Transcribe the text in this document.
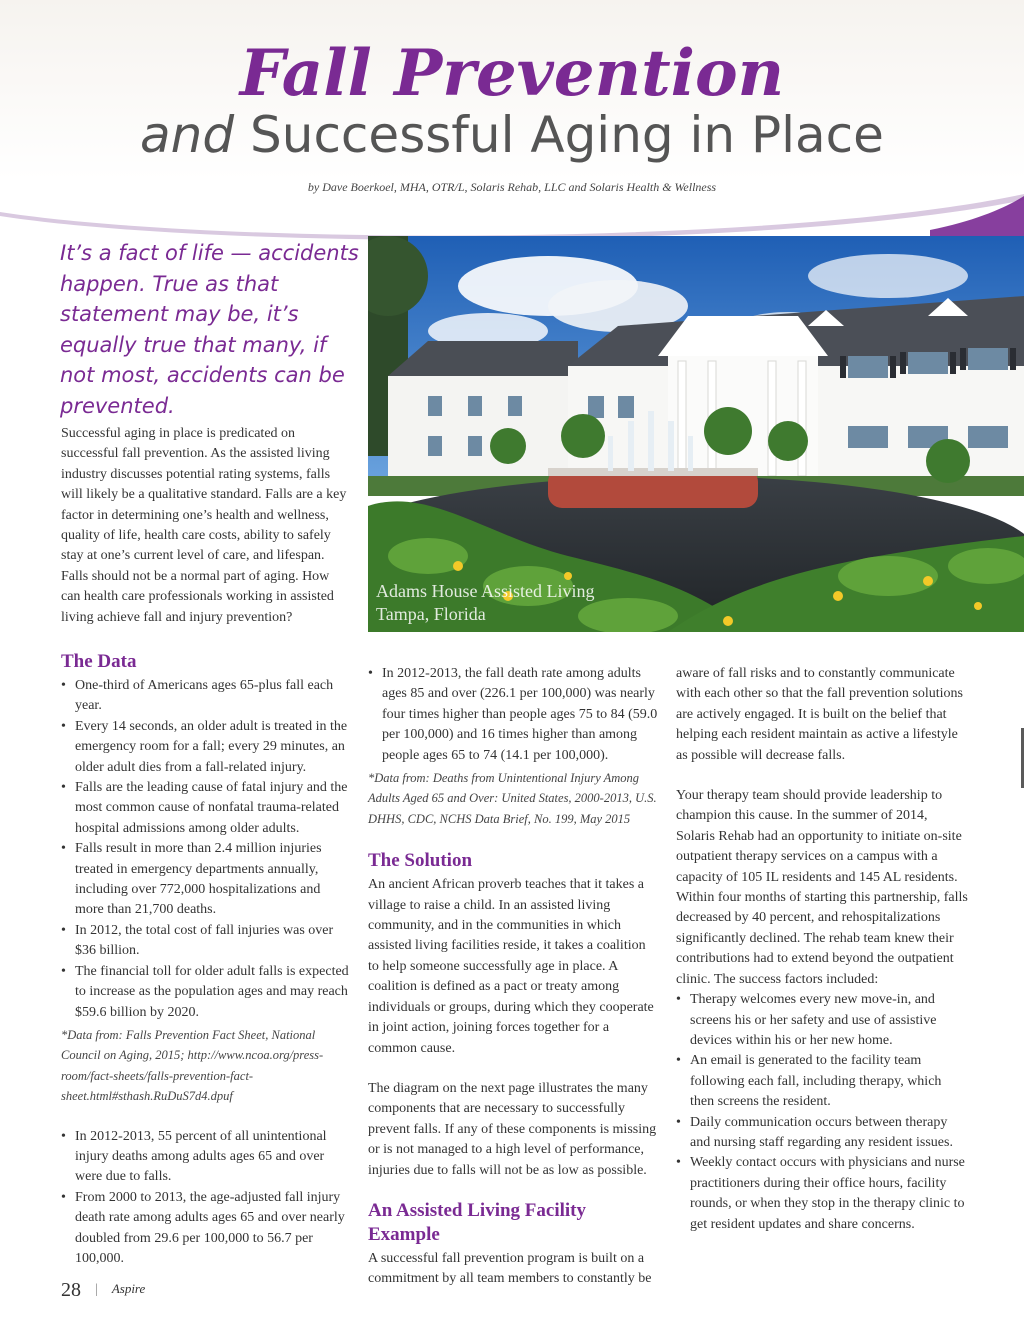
Fall Prevention
and Successful Aging in Place
by Dave Boerkoel, MHA, OTR/L, Solaris Rehab, LLC and Solaris Health & Wellness
It’s a fact of life — accidents happen. True as that statement may be, it’s equally true that many, if not most, accidents can be prevented.
Successful aging in place is predicated on successful fall prevention. As the assisted living industry discusses potential rating systems, falls will likely be a qualitative standard. Falls are a key factor in determining one’s health and wellness, quality of life, health care costs, ability to safely stay at one’s current level of care, and lifespan. Falls should not be a normal part of aging. How can health care professionals working in assisted living achieve fall and injury prevention?
Adams House Assisted Living
Tampa, Florida
The Data
• One-third of Americans ages 65-plus fall each year.
• Every 14 seconds, an older adult is treated in the emergency room for a fall; every 29 minutes, an older adult dies from a fall-related injury.
• Falls are the leading cause of fatal injury and the most common cause of nonfatal trauma-related hospital admissions among older adults.
• Falls result in more than 2.4 million injuries treated in emergency departments annually, including over 772,000 hospitalizations and more than 21,700 deaths.
• In 2012, the total cost of fall injuries was over $36 billion.
• The financial toll for older adult falls is expected to increase as the population ages and may reach $59.6 billion by 2020.

*Data from: Falls Prevention Fact Sheet, National Council on Aging, 2015; http://www.ncoa.org/press-room/fact-sheets/falls-prevention-fact-sheet.html#sthash.RuDuS7d4.dpuf

• In 2012-2013, 55 percent of all unintentional injury deaths among adults ages 65 and over were due to falls.
• From 2000 to 2013, the age-adjusted fall injury death rate among adults ages 65 and over nearly doubled from 29.6 per 100,000 to 56.7 per 100,000.
• In 2012-2013, the fall death rate among adults ages 85 and over (226.1 per 100,000) was nearly four times higher than people ages 75 to 84 (59.0 per 100,000) and 16 times higher than among people ages 65 to 74 (14.1 per 100,000).

*Data from: Deaths from Unintentional Injury Among Adults Aged 65 and Over: United States, 2000-2013, U.S. DHHS, CDC, NCHS Data Brief, No. 199, May 2015

The Solution

An ancient African proverb teaches that it takes a village to raise a child. In an assisted living community, and in the communities in which assisted living facilities reside, it takes a coalition to help someone successfully age in place. A coalition is defined as a pact or treaty among individuals or groups, during which they cooperate in joint action, joining forces together for a common cause.

The diagram on the next page illustrates the many components that are necessary to successfully prevent falls. If any of these components is missing or is not managed to a high level of performance, injuries due to falls will not be as low as possible.

An Assisted Living Facility Example

A successful fall prevention program is built on a commitment by all team members to constantly be

aware of fall risks and to constantly communicate with each other so that the fall prevention solutions are actively engaged. It is built on the belief that helping each resident maintain as active a lifestyle as possible will decrease falls.

Your therapy team should provide leadership to champion this cause. In the summer of 2014, Solaris Rehab had an opportunity to initiate on-site outpatient therapy services on a campus with a capacity of 105 IL residents and 145 AL residents. Within four months of starting this partnership, falls decreased by 40 percent, and rehospitalizations significantly declined. The rehab team knew their contributions had to extend beyond the outpatient clinic. The success factors included:

• Therapy welcomes every new move-in, and screens his or her safety and use of assistive devices within his or her new home.
• An email is generated to the facility team following each fall, including therapy, which then screens the resident.
• Daily communication occurs between therapy and nursing staff regarding any resident issues.
• Weekly contact occurs with physicians and nurse practitioners during their office hours, facility rounds, or when they stop in the therapy clinic to get resident updates and share concerns.
28 | Aspire
